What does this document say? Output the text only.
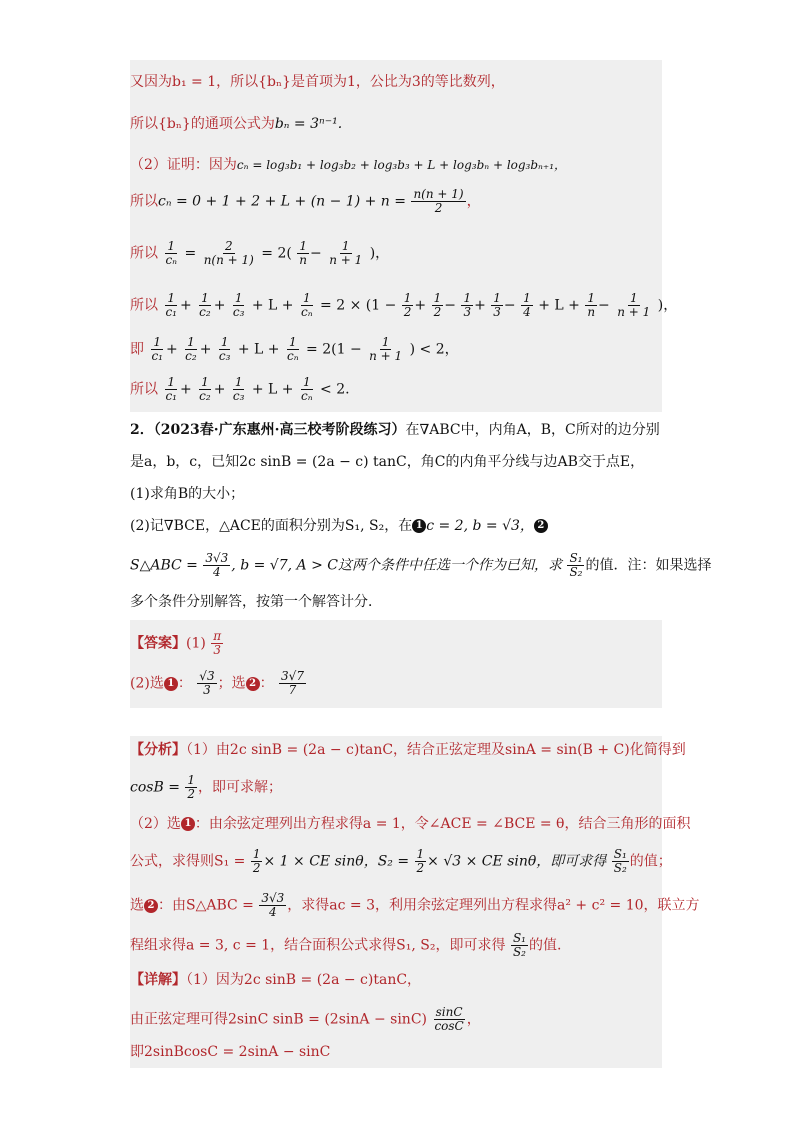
又因为b₁ = 1，所以{bₙ}是首项为1，公比为3的等比数列，
所以{bₙ}的通项公式为bₙ = 3ⁿ⁻¹.
（2）证明：因为cₙ = log₃b₁ + log₃b₂ + log₃b₃ + L + log₃bₙ + log₃bₙ₊₁，
所以$c_n = 0 + 1 + 2 + L + (n - 1) + n = \frac{n(n + 1)}{2}$ ，
所以 $\frac{1}{\text{cₙ}} = \frac{2}{n(n + 1)} = 2( \frac{1}{n} - \frac{1}{n + 1}$ )，
所以 $\frac{1}{\text{c₁}} + \frac{1}{\text{c₂}} + \frac{1}{\text{c₃}} + L + \frac{1}{\text{cₙ}} = 2 \times (1 - \frac{1}{2} + \frac{1}{2} - \frac{1}{3} + \frac{1}{3} - \frac{1}{4} + L + \frac{1}{n} - \frac{1}{n + 1}$ )，
即 $\frac{1}{\text{c₁}} + \frac{1}{\text{c₂}} + \frac{1}{\text{c₃}} + L + \frac{1}{\text{cₙ}} = 2(1 - \frac{1}{n + 1}$ ) < 2，
所以 $\frac{1}{\text{c₁}} + \frac{1}{\text{c₂}} + \frac{1}{\text{c₃}} + L + \frac{1}{\text{cₙ}} < 2$.
2．（2023春·广东惠州·高三校考阶段练习）在∇ABC中，内角A，B，C所对的边分别
是a，b，c，已知2c sinB = (2a − c) tanC，角C的内角平分线与边AB交于点E，
(1)求角B的大小；
(2)记∇BCE，△ACE的面积分别为S₁, S₂，在 1 c = 2, b = √3， 2
S△ABC = $\frac{3√3}{4}$ , b = √7, A > C这两个条件中任选一个作为已知，求 $\frac{\text{S₁}}{\text{S₂}}$ 的值．注：如果选择
多个条件分别解答，按第一个解答计分．
【答案】$(1) \frac{\pi}{3}$
(2)选 1 ： $\frac{√3}{3}$ ；选 2 ： $\frac{3√7}{7}$
【分析】（1）由2c sinB = (2a − c)tanC，结合正弦定理及sinA = sin(B + C)化简得到
$\cos B = \frac{1}{2}$ ，即可求解；
（2）选 1 ：由余弦定理列出方程求得a = 1，令∠ACE = ∠BCE = θ，结合三角形的面积
公式，求得则$S_1 = \frac{1}{2} \times 1$ × CE sinθ，$S_2 = \frac{1}{2} \times √3$ × CE sinθ，即可求得 $\frac{\text{S₁}}{\text{S₂}}$ 的值；
选 2 ：由S△ABC = $\frac{3√3}{4}$ ，求得ac = 3，利用余弦定理列出方程求得a² + c² = 10，联立方
程组求得a = 3, c = 1，结合面积公式求得S₁, S₂，即可求得 $\frac{\text{S₁}}{\text{S₂}}$ 的值.
【详解】（1）因为2c sinB = (2a − c)tanC，
由正弦定理可得2sinC $\sin B = (2\sin A - \sin C) \frac{\sin C}{\cos C}$ ，
即2sinBcosC = 2sinA − sinC
